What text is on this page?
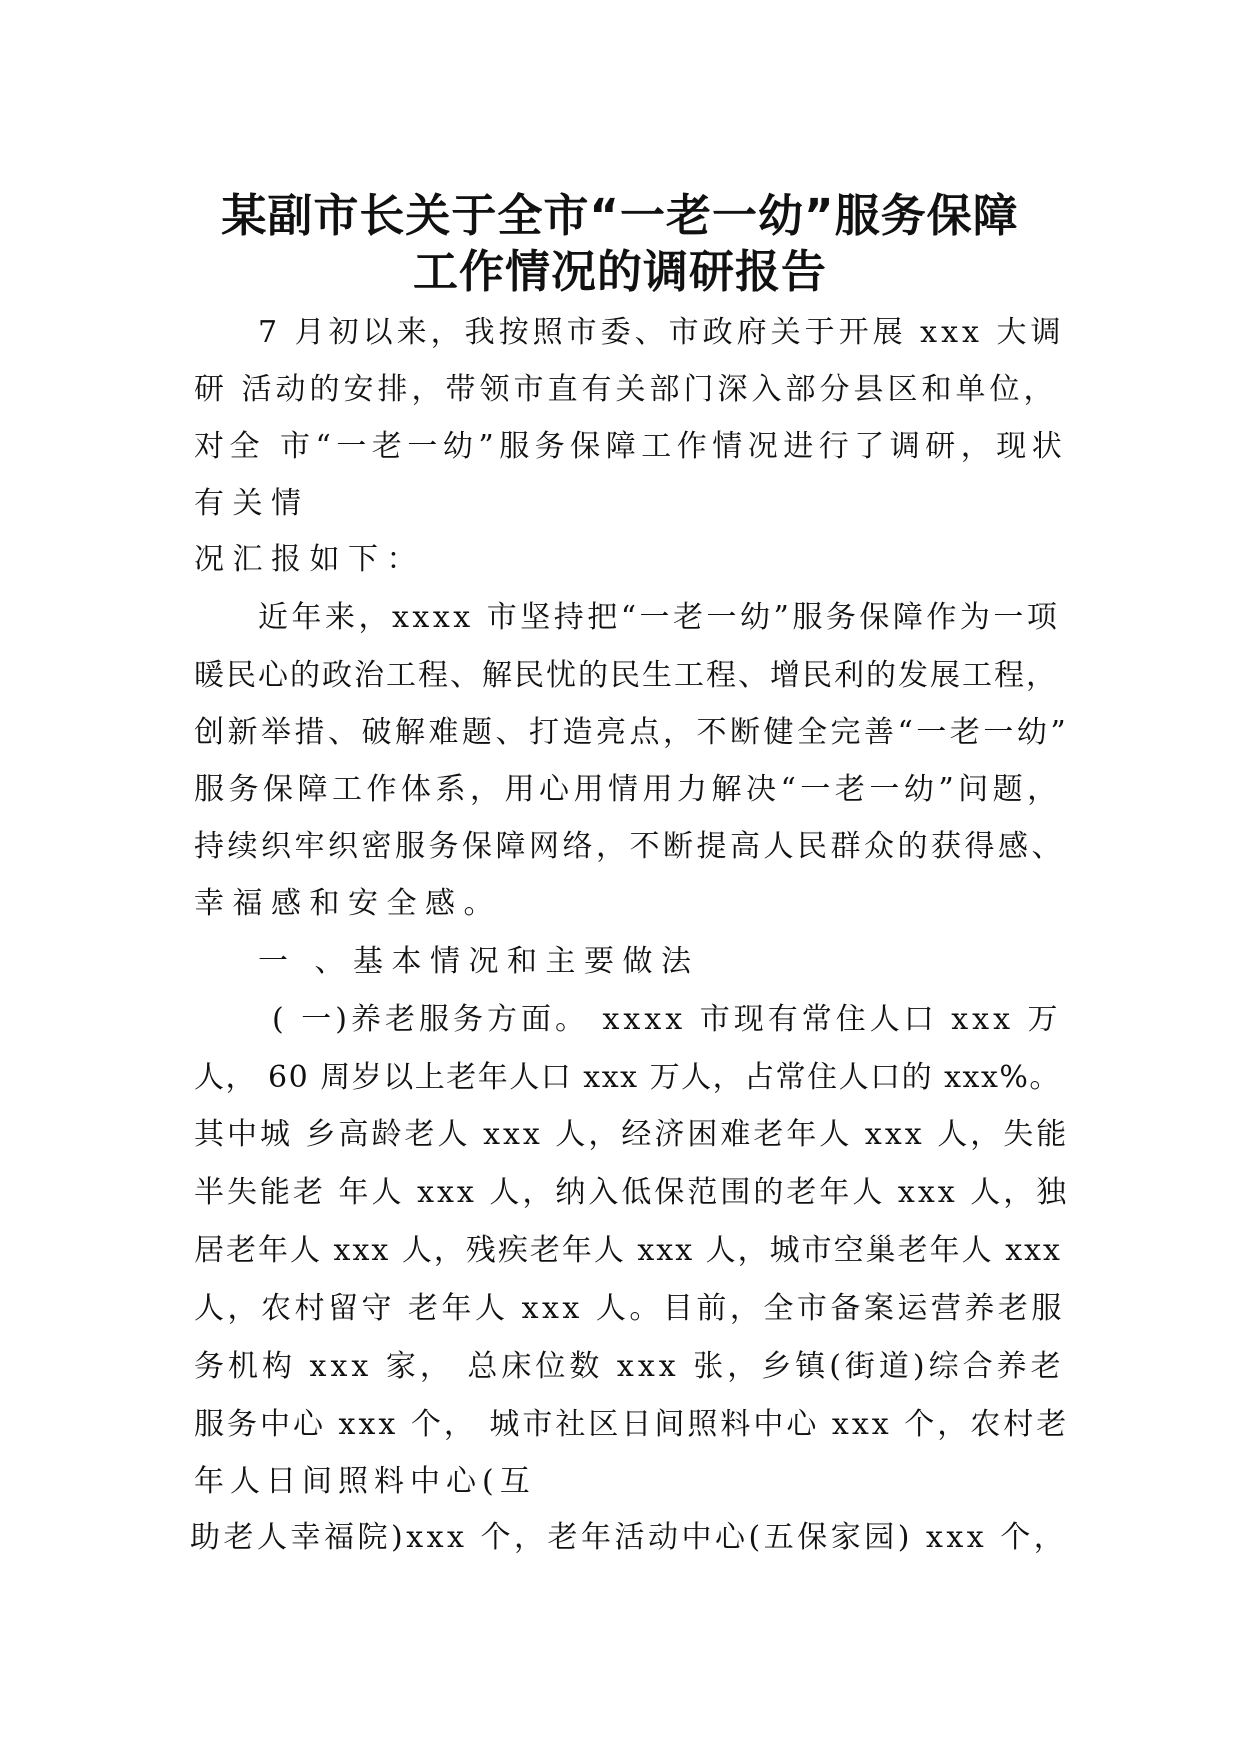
某副市长关于全市“一老一幼”服务保障
工作情况的调研报告

7 月初以来，我按照市委、市政府关于开展 xxx 大调

研 活动的安排，带领市直有关部门深入部分县区和单位，

对全 市“一老一幼”服务保障工作情况进行了调研，现状

有关情

况汇报如下：

近年来，xxxx 市坚持把“一老一幼”服务保障作为一项

暖民心的政治工程、解民忧的民生工程、增民利的发展工程，

创新举措、破解难题、打造亮点，不断健全完善“一老一幼”

服务保障工作体系，用心用情用力解决“一老一幼”问题，

持续织牢织密服务保障网络，不断提高人民群众的获得感、

幸福感和安全感。

一 、基本情况和主要做法

( 一)养老服务方面。 xxxx 市现有常住人口 xxx 万

人， 60 周岁以上老年人口 xxx 万人，占常住人口的 xxx%。

其中城 乡高龄老人 xxx 人，经济困难老年人 xxx 人，失能

半失能老 年人 xxx 人，纳入低保范围的老年人 xxx 人，独

居老年人 xxx 人，残疾老年人 xxx 人，城市空巢老年人 xxx

人，农村留守 老年人 xxx 人。目前，全市备案运营养老服

务机构 xxx 家， 总床位数 xxx 张，乡镇(街道)综合养老

服务中心 xxx 个， 城市社区日间照料中心 xxx 个，农村老

年人日间照料中心(互

助老人幸福院)xxx 个，老年活动中心(五保家园) xxx 个，
